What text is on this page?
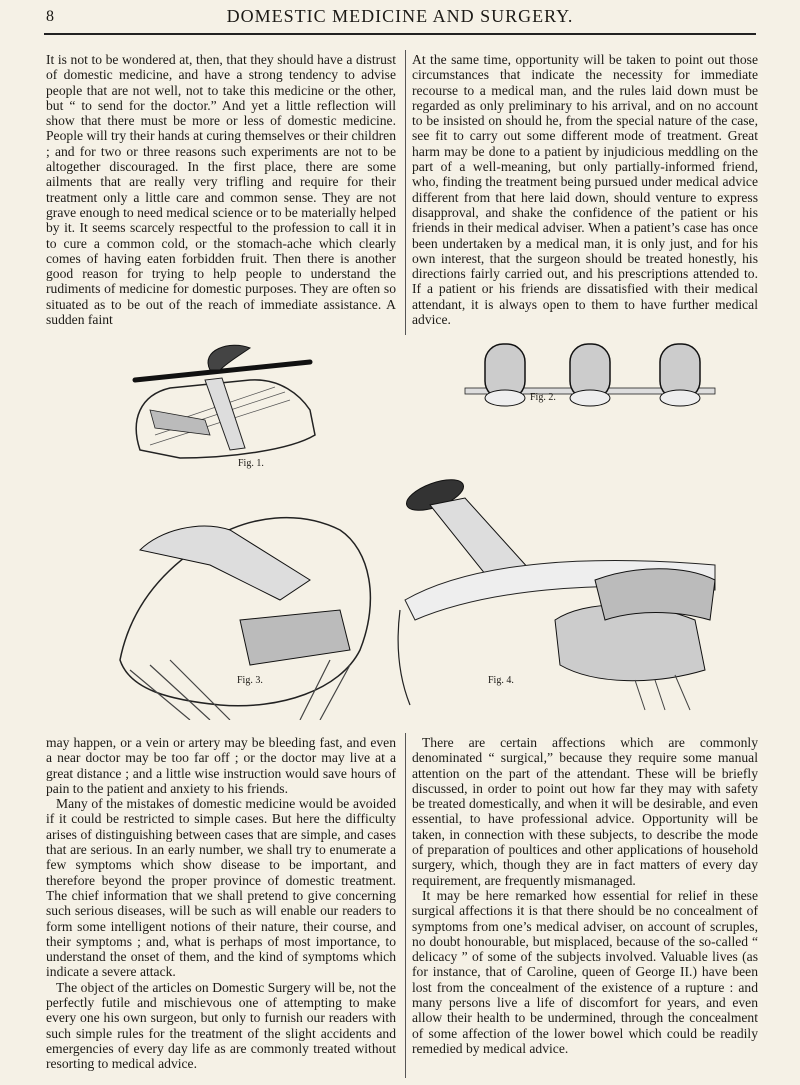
8	DOMESTIC MEDICINE AND SURGERY.

It is not to be wondered at, then, that they should have a distrust of domestic medicine, and have a strong tendency to advise people that are not well, not to take this medicine or the other, but “ to send for the doctor.” And yet a little reflection will show that there must be more or less of domestic medicine. People will try their hands at curing themselves or their children ; and for two or three reasons such experiments are not to be altogether discouraged. In the first place, there are some ailments that are really very trifling and require for their treatment only a little care and common sense. They are not grave enough to need medical science or to be materially helped by it. It seems scarcely respectful to the profession to call it in to cure a common cold, or the stomach-ache which clearly comes of having eaten forbidden fruit. Then there is another good reason for trying to help people to understand the rudiments of medicine for domestic purposes. They are often so situated as to be out of the reach of immediate assistance. A sudden faint

At the same time, opportunity will be taken to point out those circumstances that indicate the necessity for immediate recourse to a medical man, and the rules laid down must be regarded as only preliminary to his arrival, and on no account to be insisted on should he, from the special nature of the case, see fit to carry out some different mode of treatment. Great harm may be done to a patient by injudicious meddling on the part of a well-meaning, but only partially-informed friend, who, finding the treatment being pursued under medical advice different from that here laid down, should venture to express disapproval, and shake the confidence of the patient or his friends in their medical adviser. When a patient’s case has once been undertaken by a medical man, it is only just, and for his own interest, that the surgeon should be treated honestly, his directions fairly carried out, and his prescriptions attended to. If a patient or his friends are dissatisfied with their medical attendant, it is always open to them to have further medical advice.

Fig. 1.
Fig. 2.
Fig. 3.	Fig. 4.

may happen, or a vein or artery may be bleeding fast, and even a near doctor may be too far off ; or the doctor may live at a great distance ; and a little wise instruction would save hours of pain to the patient and anxiety to his friends.

Many of the mistakes of domestic medicine would be avoided if it could be restricted to simple cases. But here the difficulty arises of distinguishing between cases that are simple, and cases that are serious. In an early number, we shall try to enumerate a few symptoms which show disease to be important, and therefore beyond the proper province of domestic treatment. The chief information that we shall pretend to give concerning such serious diseases, will be such as will enable our readers to form some intelligent notions of their nature, their course, and their symptoms ; and, what is perhaps of most importance, to understand the onset of them, and the kind of symptoms which indicate a severe attack.

The object of the articles on Domestic Surgery will be, not the perfectly futile and mischievous one of attempting to make every one his own surgeon, but only to furnish our readers with such simple rules for the treatment of the slight accidents and emergencies of every day life as are commonly treated without resorting to medical advice.

There are certain affections which are commonly denominated “ surgical,” because they require some manual attention on the part of the attendant. These will be briefly discussed, in order to point out how far they may with safety be treated domestically, and when it will be desirable, and even essential, to have professional advice. Opportunity will be taken, in connection with these subjects, to describe the mode of preparation of poultices and other applications of household surgery, which, though they are in fact matters of every day requirement, are frequently mismanaged.

It may be here remarked how essential for relief in these surgical affections it is that there should be no concealment of symptoms from one’s medical adviser, on account of scruples, no doubt honourable, but misplaced, because of the so-called “ delicacy ” of some of the subjects involved. Valuable lives (as for instance, that of Caroline, queen of George II.) have been lost from the concealment of the existence of a rupture : and many persons live a life of discomfort for years, and even allow their health to be undermined, through the concealment of some affection of the lower bowel which could be readily remedied by medical advice.
